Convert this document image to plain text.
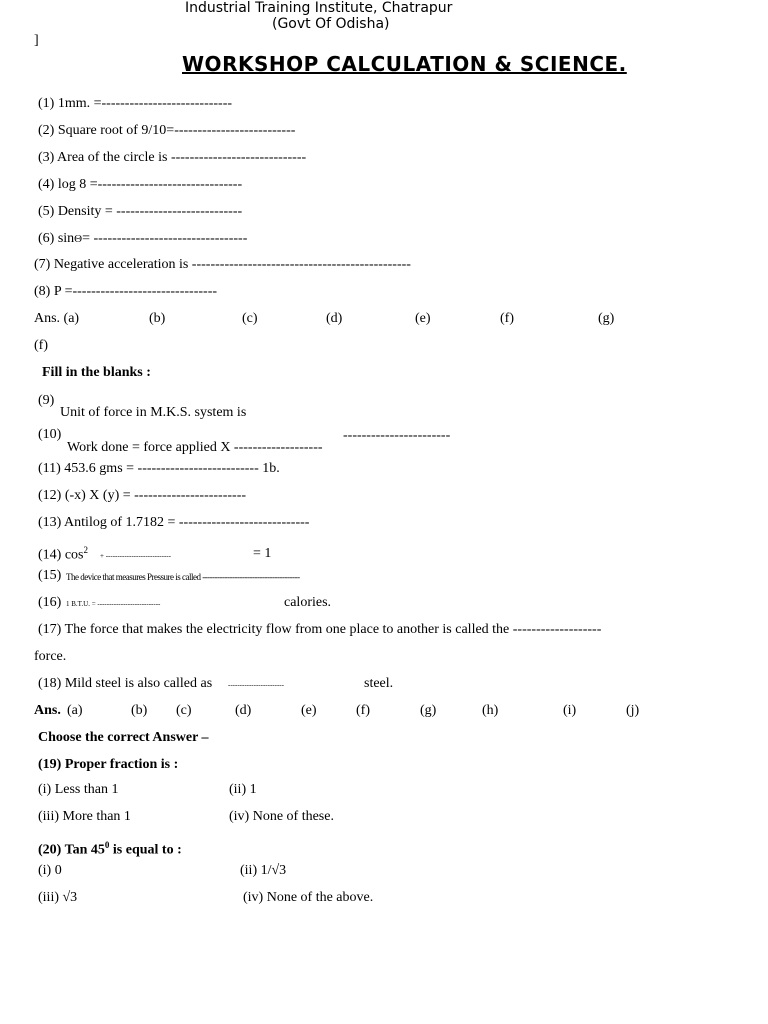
Industrial Training Institute, Chatrapur
(Govt Of Odisha)
]
WORKSHOP CALCULATION & SCIENCE.
(1) 1mm. =----------------------------
(2) Square root of 9/10=--------------------------
(3) Area of the circle is -----------------------------
(4) log 8 =-------------------------------
(5) Density = ---------------------------
(6) sinΘ= ---------------------------------
(7) Negative acceleration is -----------------------------------------------
(8) P =-------------------------------
Ans. (a)	(b)	(c)	(d)	(e)	(f)	(g)
(f)
Fill in the blanks :
(9)
Unit of force in M.K.S. system is
(10)
Work done = force applied X -------------------
-----------------------
(11) 453.6 gms = -------------------------- 1b.
(12) (-x) X (y) = ------------------------
(13) Antilog of 1.7182 = ----------------------------
(14) $\cos^2$
+ ----------------------------	= 1
(15) The device that measures Pressure is called ---------------------------------------
(16) 1 B.T.U. = ---------------------------	calories.
(17) The force that makes the electricity flow from one place to another is called the -------------------
force.
(18) Mild steel is also called as ------------------------	steel.
Ans. (a)	(b) (c)	(d)	(e)	(f)	(g)	(h)	(i)	(j)
Choose the correct Answer –
(19) Proper fraction is :
(i) Less than 1	(ii) 1
(iii) More than 1	(iv) None of these.
(20) Tan $45^0$ is equal to :
(i) 0	(ii) 1/√3
(iii) √3	(iv) None of the above.
